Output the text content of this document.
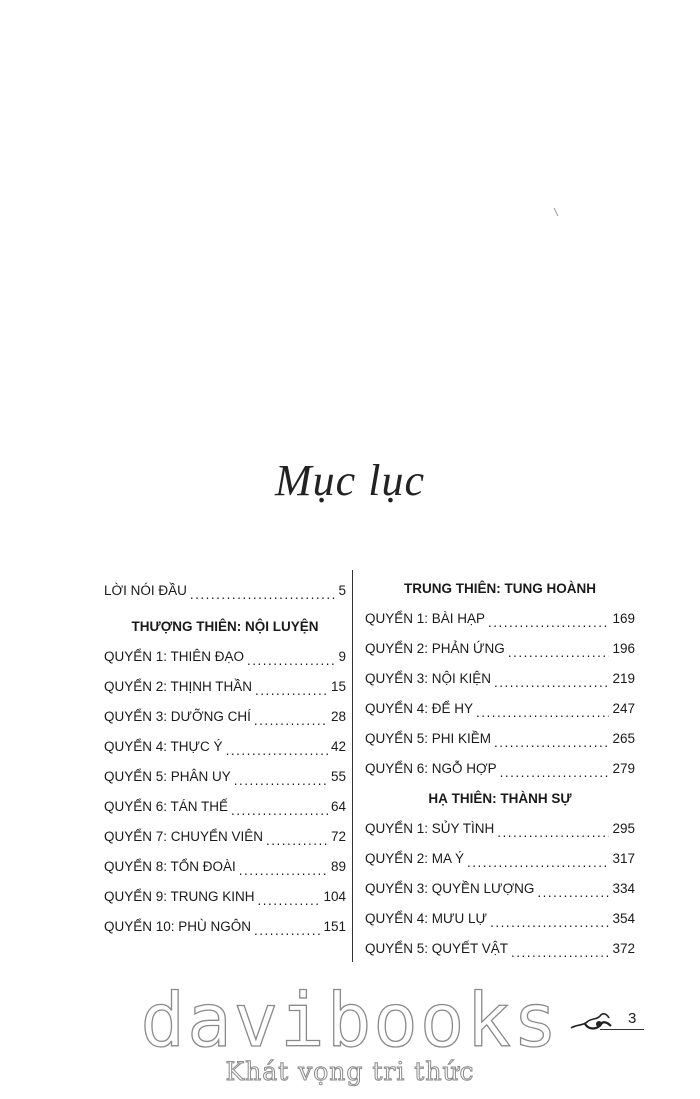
Mục lục
LỜI NÓI ĐẦU .....	5
THƯỢNG THIÊN: NỘI LUYỆN
QUYỂN 1: THIÊN ĐẠO .....	9
QUYỂN 2: THỊNH THẦN .....	15
QUYỂN 3: DƯỠNG CHÍ .....	28
QUYỂN 4: THỰC Ý .....	42
QUYỂN 5: PHÂN UY .....	55
QUYỂN 6: TÁN THẾ .....	64
QUYỂN 7: CHUYỂN VIÊN .....	72
QUYỂN 8: TỔN ĐOÀI .....	89
QUYỂN 9: TRUNG KINH .....	104
QUYỂN 10: PHÙ NGÔN .....	151
TRUNG THIÊN: TUNG HOÀNH
QUYỂN 1: BÀI HẠP .....	169
QUYỂN 2: PHẢN ỨNG .....	196
QUYỂN 3: NỘI KIỆN .....	219
QUYỂN 4: ĐỂ HY .....	247
QUYỂN 5: PHI KIỀM .....	265
QUYỂN 6: NGỖ HỢP .....	279
HẠ THIÊN: THÀNH SỰ
QUYỂN 1: SỦY TÌNH .....	295
QUYỂN 2: MA Ý .....	317
QUYỂN 3: QUYỀN LƯỢNG .....	334
QUYỂN 4: MƯU LỰ .....	354
QUYỂN 5: QUYẾT VẬT .....	372
davibooks
Khát vọng tri thức
3
